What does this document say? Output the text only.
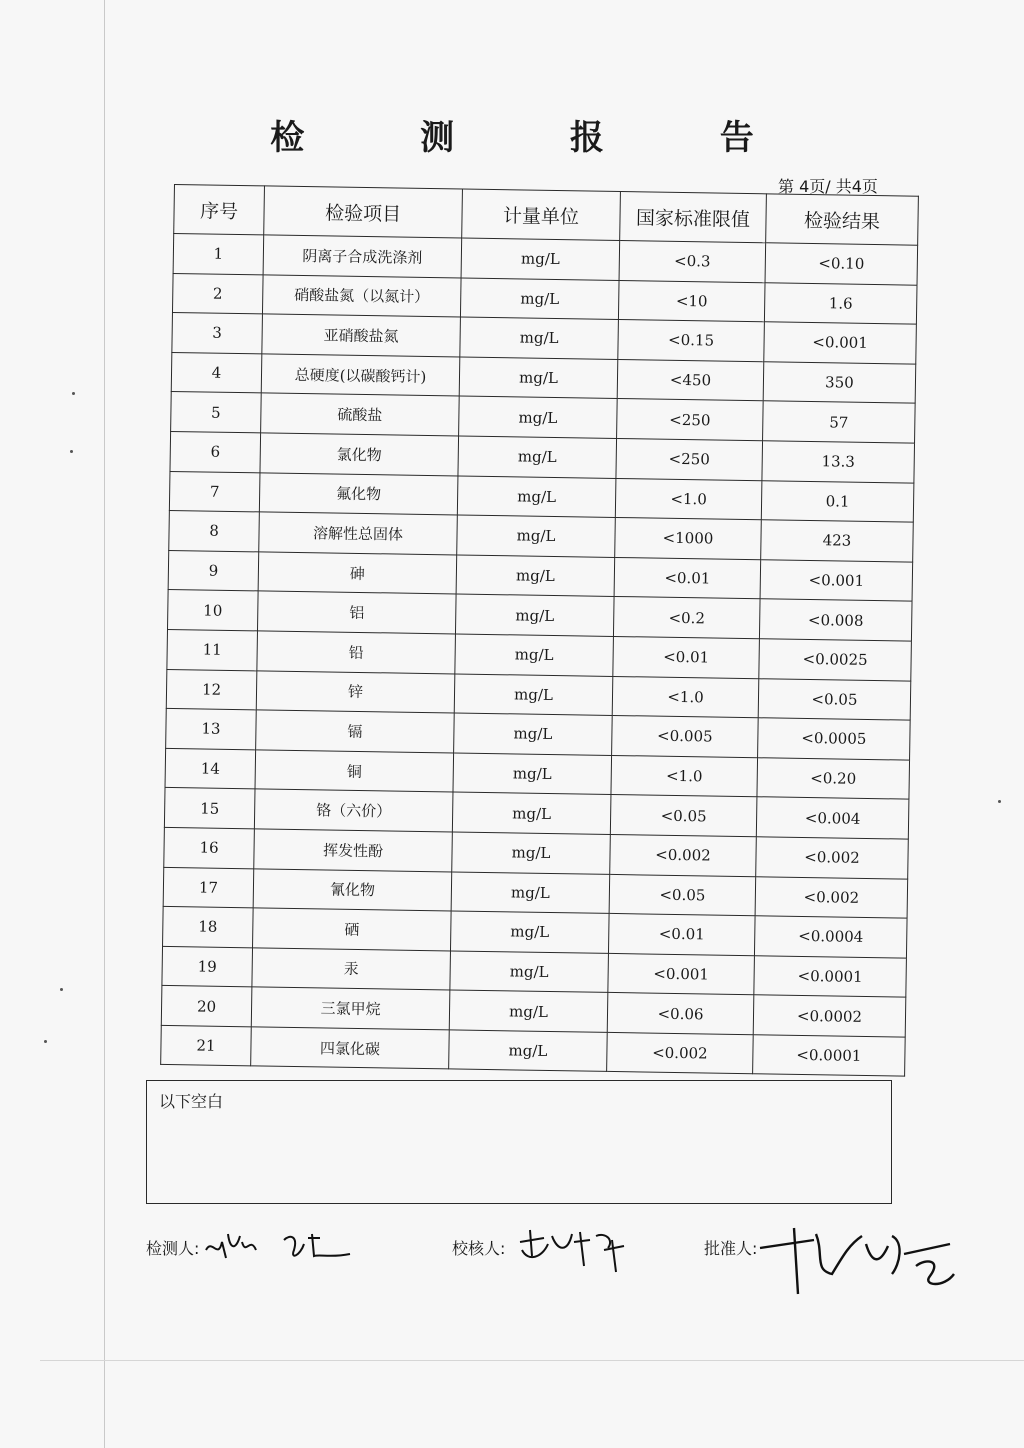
检 测 报 告
第 4页/ 共4页
序号	检验项目	计量单位	国家标准限值	检验结果
1	阴离子合成洗涤剂	mg/L	<0.3	<0.10
2	硝酸盐氮（以氮计）	mg/L	<10	1.6
3	亚硝酸盐氮	mg/L	<0.15	<0.001
4	总硬度(以碳酸钙计)	mg/L	<450	350
5	硫酸盐	mg/L	<250	57
6	氯化物	mg/L	<250	13.3
7	氟化物	mg/L	<1.0	0.1
8	溶解性总固体	mg/L	<1000	423
9	砷	mg/L	<0.01	<0.001
10	铝	mg/L	<0.2	<0.008
11	铅	mg/L	<0.01	<0.0025
12	锌	mg/L	<1.0	<0.05
13	镉	mg/L	<0.005	<0.0005
14	铜	mg/L	<1.0	<0.20
15	铬（六价）	mg/L	<0.05	<0.004
16	挥发性酚	mg/L	<0.002	<0.002
17	氰化物	mg/L	<0.05	<0.002
18	硒	mg/L	<0.01	<0.0004
19	汞	mg/L	<0.001	<0.0001
20	三氯甲烷	mg/L	<0.06	<0.0002
21	四氯化碳	mg/L	<0.002	<0.0001
以下空白
检测人:	校核人:	批准人:
